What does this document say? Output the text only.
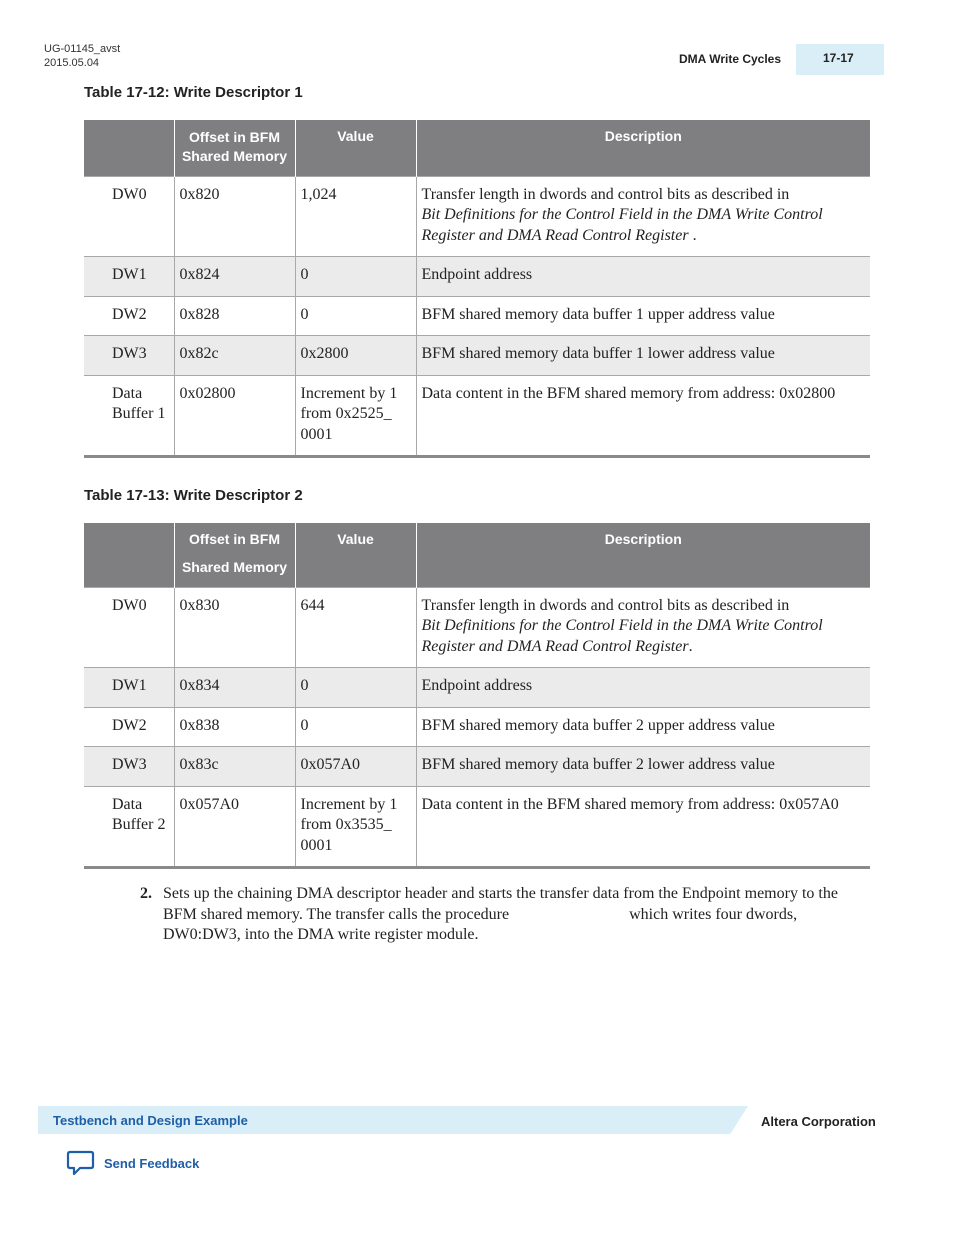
UG-01145_avst
2015.05.04	DMA Write Cycles	17-17
Table 17-12: Write Descriptor 1
	Offset in BFM Shared Memory	Value	Description
DW0	0x820	1,024	Transfer length in dwords and control bits as described in
Bit Definitions for the Control Field in the DMA Write Control Register and DMA Read Control Register .
DW1	0x824	0	Endpoint address
DW2	0x828	0	BFM shared memory data buffer 1 upper address value
DW3	0x82c	0x2800	BFM shared memory data buffer 1 lower address value
Data Buffer 1	0x02800	Increment by 1 from 0x2525_ 0001	Data content in the BFM shared memory from address: 0x02800
Table 17-13: Write Descriptor 2
	Offset in BFM Shared Memory	Value	Description
DW0	0x830	644	Transfer length in dwords and control bits as described in
Bit Definitions for the Control Field in the DMA Write Control Register and DMA Read Control Register.
DW1	0x834	0	Endpoint address
DW2	0x838	0	BFM shared memory data buffer 2 upper address value
DW3	0x83c	0x057A0	BFM shared memory data buffer 2 lower address value
Data Buffer 2	0x057A0	Increment by 1 from 0x3535_ 0001	Data content in the BFM shared memory from address: 0x057A0
2. Sets up the chaining DMA descriptor header and starts the transfer data from the Endpoint memory to the BFM shared memory. The transfer calls the procedure	which writes four dwords, DW0:DW3, into the DMA write register module.
Testbench and Design Example	Altera Corporation
Send Feedback
